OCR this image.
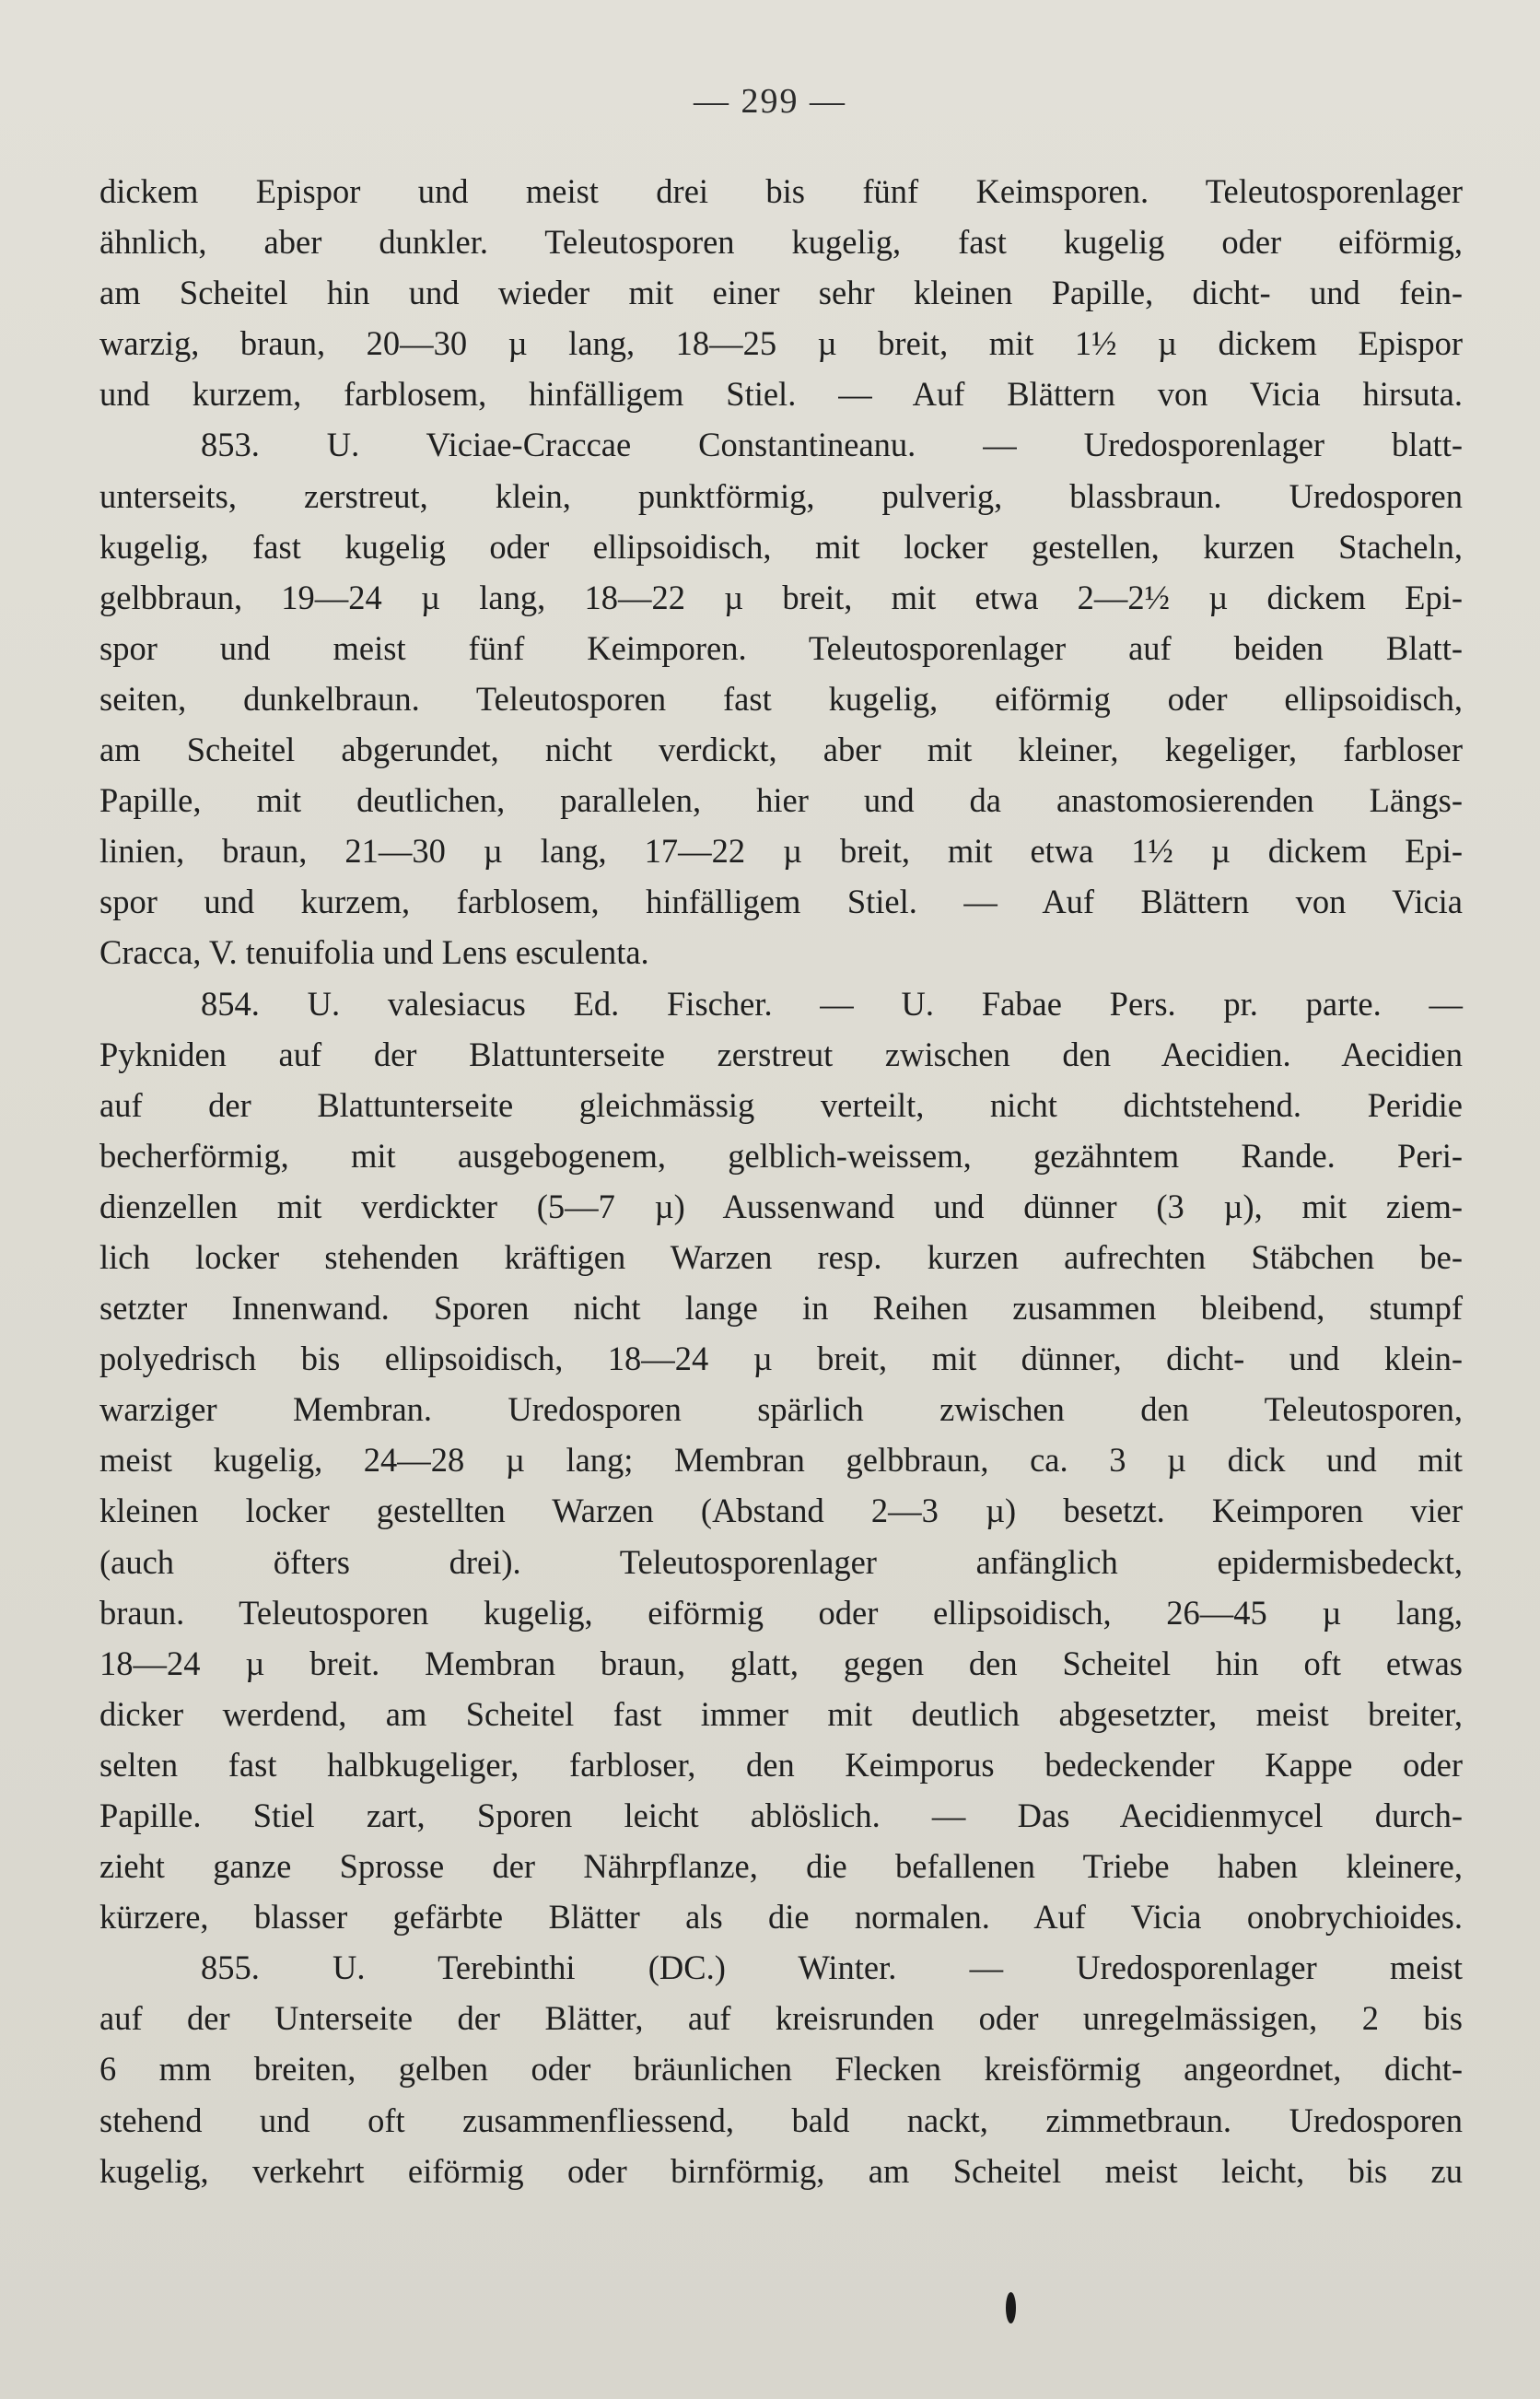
— 299 —
dickem Epispor und meist drei bis fünf Keimsporen. Teleutosporenlager
ähnlich, aber dunkler. Teleutosporen kugelig, fast kugelig oder eiförmig,
am Scheitel hin und wieder mit einer sehr kleinen Papille, dicht- und fein-
warzig, braun, 20—30 µ lang, 18—25 µ breit, mit 1½ µ dickem Epispor
und kurzem, farblosem, hinfälligem Stiel. — Auf Blättern von Vicia hirsuta.
853. U. Viciae-Craccae Constantineanu. — Uredosporenlager blatt-
unterseits, zerstreut, klein, punktförmig, pulverig, blassbraun. Uredosporen
kugelig, fast kugelig oder ellipsoidisch, mit locker gestellen, kurzen Stacheln,
gelbbraun, 19—24 µ lang, 18—22 µ breit, mit etwa 2—2½ µ dickem Epi-
spor und meist fünf Keimporen. Teleutosporenlager auf beiden Blatt-
seiten, dunkelbraun. Teleutosporen fast kugelig, eiförmig oder ellipsoidisch,
am Scheitel abgerundet, nicht verdickt, aber mit kleiner, kegeliger, farbloser
Papille, mit deutlichen, parallelen, hier und da anastomosierenden Längs-
linien, braun, 21—30 µ lang, 17—22 µ breit, mit etwa 1½ µ dickem Epi-
spor und kurzem, farblosem, hinfälligem Stiel. — Auf Blättern von Vicia
Cracca, V. tenuifolia und Lens esculenta.
854. U. valesiacus Ed. Fischer. — U. Fabae Pers. pr. parte. —
Pykniden auf der Blattunterseite zerstreut zwischen den Aecidien. Aecidien
auf der Blattunterseite gleichmässig verteilt, nicht dichtstehend. Peridie
becherförmig, mit ausgebogenem, gelblich-weissem, gezähntem Rande. Peri-
dienzellen mit verdickter (5—7 µ) Aussenwand und dünner (3 µ), mit ziem-
lich locker stehenden kräftigen Warzen resp. kurzen aufrechten Stäbchen be-
setzter Innenwand. Sporen nicht lange in Reihen zusammen bleibend, stumpf
polyedrisch bis ellipsoidisch, 18—24 µ breit, mit dünner, dicht- und klein-
warziger Membran. Uredosporen spärlich zwischen den Teleutosporen,
meist kugelig, 24—28 µ lang; Membran gelbbraun, ca. 3 µ dick und mit
kleinen locker gestellten Warzen (Abstand 2—3 µ) besetzt. Keimporen vier
(auch öfters drei). Teleutosporenlager anfänglich epidermisbedeckt,
braun. Teleutosporen kugelig, eiförmig oder ellipsoidisch, 26—45 µ lang,
18—24 µ breit. Membran braun, glatt, gegen den Scheitel hin oft etwas
dicker werdend, am Scheitel fast immer mit deutlich abgesetzter, meist breiter,
selten fast halbkugeliger, farbloser, den Keimporus bedeckender Kappe oder
Papille. Stiel zart, Sporen leicht ablöslich. — Das Aecidienmycel durch-
zieht ganze Sprosse der Nährpflanze, die befallenen Triebe haben kleinere,
kürzere, blasser gefärbte Blätter als die normalen. Auf Vicia onobrychioides.
855. U. Terebinthi (DC.) Winter. — Uredosporenlager meist
auf der Unterseite der Blätter, auf kreisrunden oder unregelmässigen, 2 bis
6 mm breiten, gelben oder bräunlichen Flecken kreisförmig angeordnet, dicht-
stehend und oft zusammenfliessend, bald nackt, zimmetbraun. Uredosporen
kugelig, verkehrt eiförmig oder birnförmig, am Scheitel meist leicht, bis zu
